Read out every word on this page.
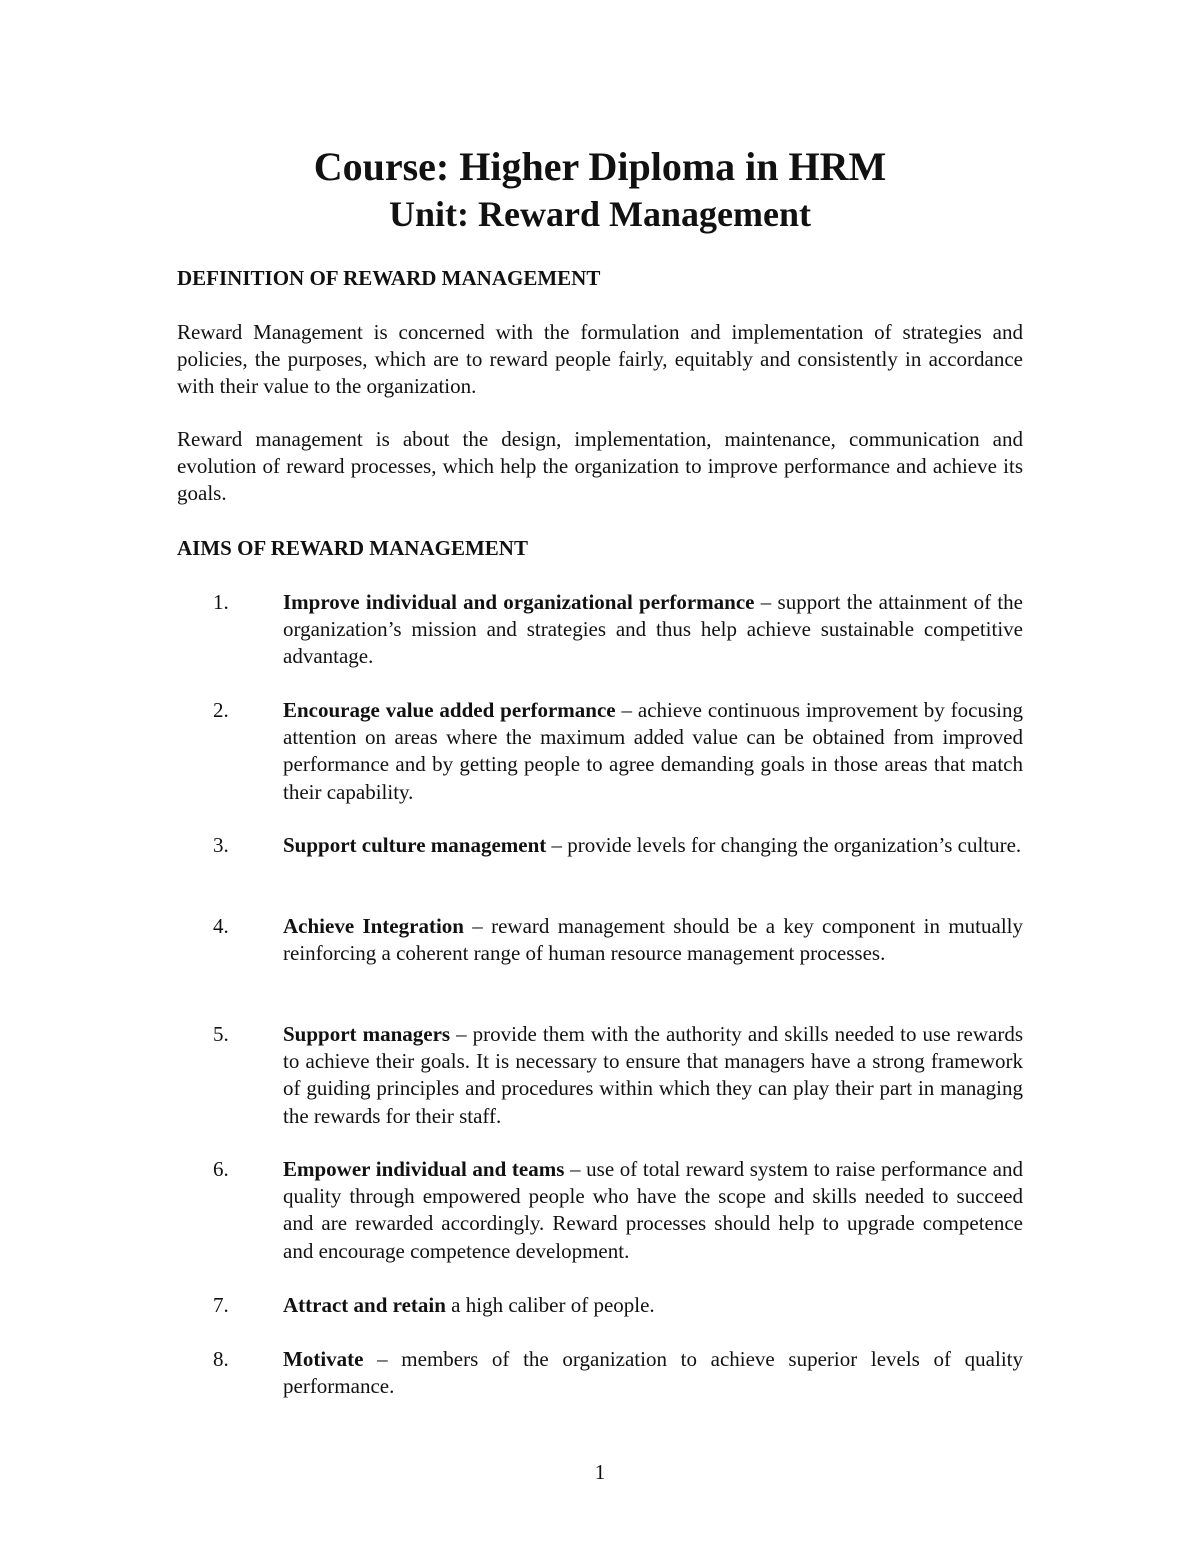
Course: Higher Diploma in HRM
Unit: Reward Management

DEFINITION OF REWARD MANAGEMENT

Reward Management is concerned with the formulation and implementation of strategies and policies, the purposes, which are to reward people fairly, equitably and consistently in accordance with their value to the organization.

Reward management is about the design, implementation, maintenance, communication and evolution of reward processes, which help the organization to improve performance and achieve its goals.

AIMS OF REWARD MANAGEMENT

1.	Improve individual and organizational performance – support the attainment of the organization’s mission and strategies and thus help achieve sustainable competitive advantage.

2.	Encourage value added performance – achieve continuous improvement by focusing attention on areas where the maximum added value can be obtained from improved performance and by getting people to agree demanding goals in those areas that match their capability.

3.	Support culture management – provide levels for changing the organization’s culture.

4.	Achieve Integration – reward management should be a key component in mutually reinforcing a coherent range of human resource management processes.

5.	Support managers – provide them with the authority and skills needed to use rewards to achieve their goals. It is necessary to ensure that managers have a strong framework of guiding principles and procedures within which they can play their part in managing the rewards for their staff.

6.	Empower individual and teams – use of total reward system to raise performance and quality through empowered people who have the scope and skills needed to succeed and are rewarded accordingly. Reward processes should help to upgrade competence and encourage competence development.

7.	Attract and retain a high caliber of people.

8.	Motivate – members of the organization to achieve superior levels of quality performance.

1
